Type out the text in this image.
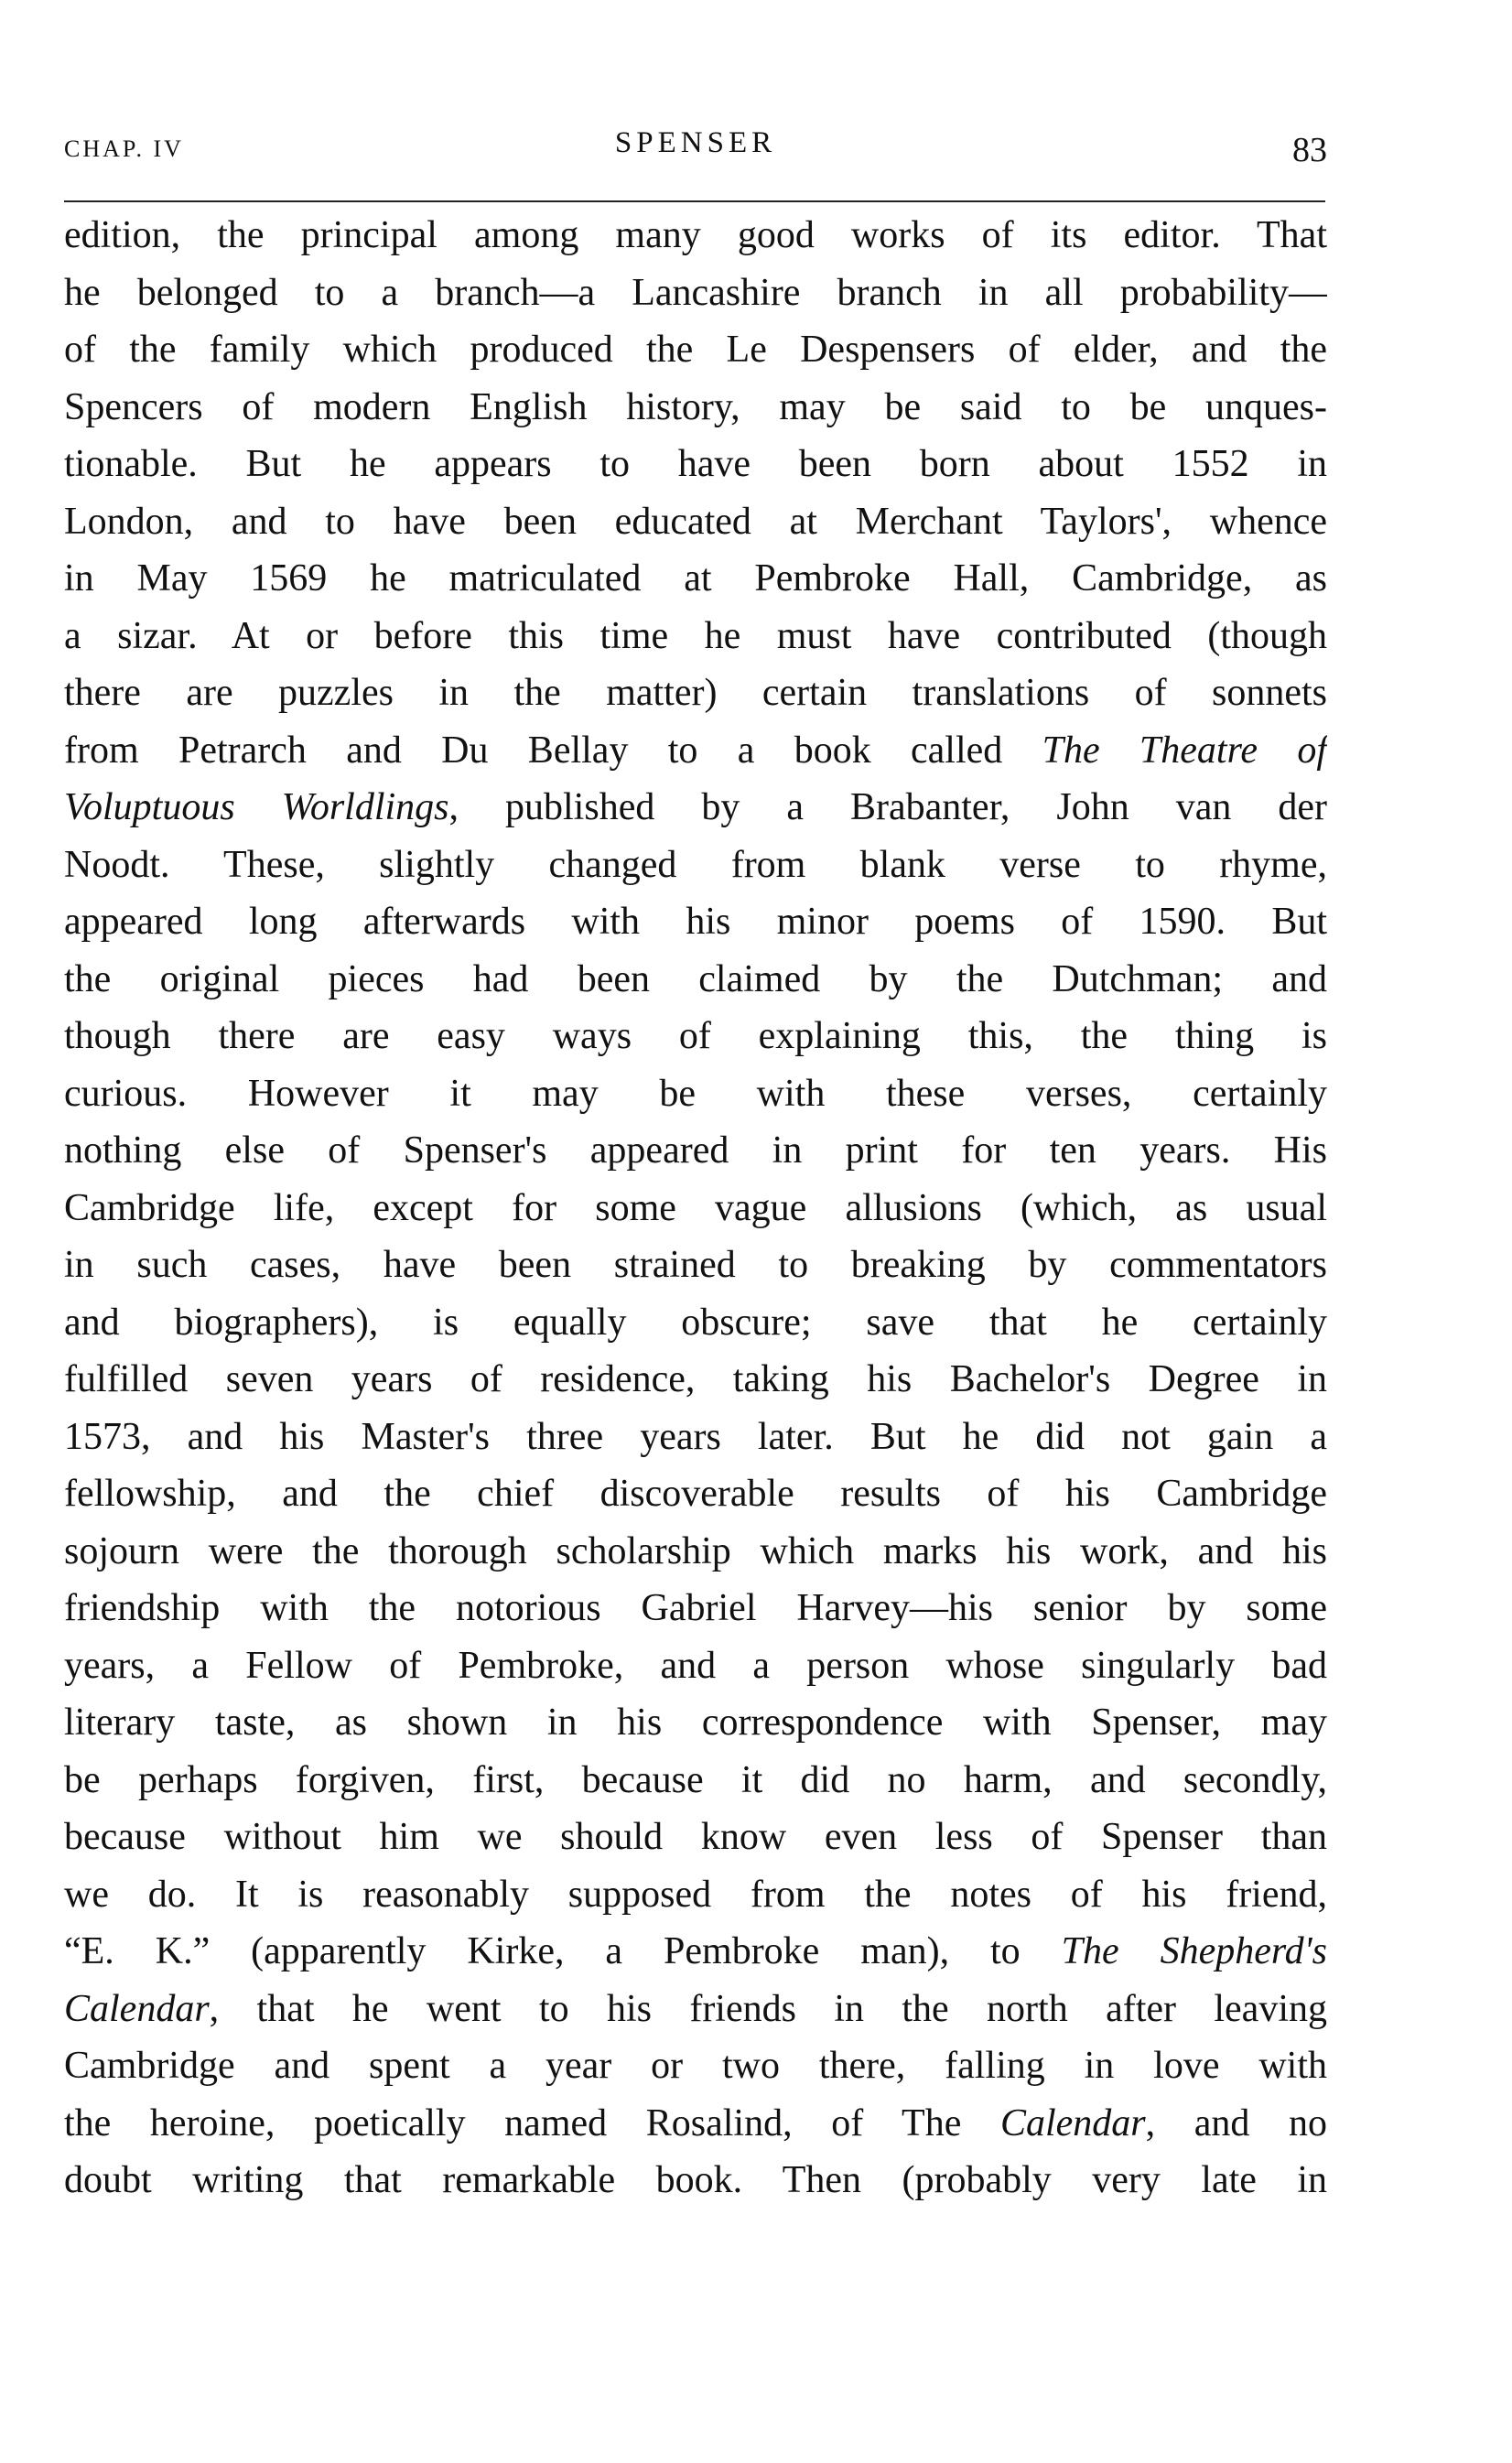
CHAP. IV	SPENSER	83
edition, the principal among many good works of its editor. That
he belonged to a branch—a Lancashire branch in all probability—
of the family which produced the Le Despensers of elder, and the
Spencers of modern English history, may be said to be unques-
tionable. But he appears to have been born about 1552 in
London, and to have been educated at Merchant Taylors', whence
in May 1569 he matriculated at Pembroke Hall, Cambridge, as
a sizar. At or before this time he must have contributed (though
there are puzzles in the matter) certain translations of sonnets
from Petrarch and Du Bellay to a book called The Theatre of
Voluptuous Worldlings, published by a Brabanter, John van der
Noodt. These, slightly changed from blank verse to rhyme,
appeared long afterwards with his minor poems of 1590. But
the original pieces had been claimed by the Dutchman; and
though there are easy ways of explaining this, the thing is
curious. However it may be with these verses, certainly
nothing else of Spenser's appeared in print for ten years. His
Cambridge life, except for some vague allusions (which, as usual
in such cases, have been strained to breaking by commentators
and biographers), is equally obscure; save that he certainly
fulfilled seven years of residence, taking his Bachelor's Degree in
1573, and his Master's three years later. But he did not gain a
fellowship, and the chief discoverable results of his Cambridge
sojourn were the thorough scholarship which marks his work, and his
friendship with the notorious Gabriel Harvey—his senior by some
years, a Fellow of Pembroke, and a person whose singularly bad
literary taste, as shown in his correspondence with Spenser, may
be perhaps forgiven, first, because it did no harm, and secondly,
because without him we should know even less of Spenser than
we do. It is reasonably supposed from the notes of his friend,
“E. K.” (apparently Kirke, a Pembroke man), to The Shepherd's
Calendar, that he went to his friends in the north after leaving
Cambridge and spent a year or two there, falling in love with
the heroine, poetically named Rosalind, of The Calendar, and no
doubt writing that remarkable book. Then (probably very late in
